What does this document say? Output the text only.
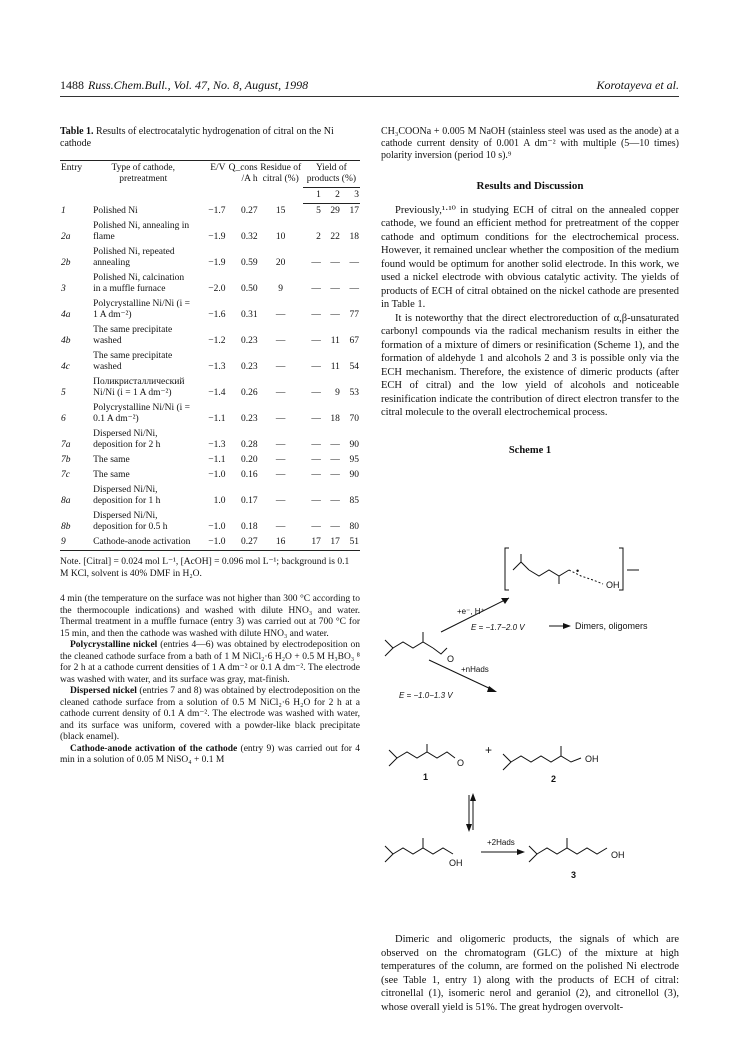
1488 Russ.Chem.Bull., Vol. 47, No. 8, August, 1998	Korotayeva et al.
Table 1. Results of electrocatalytic hydrogenation of citral on the Ni cathode
Entry	Type of cathode, pretreatment	E/V	Q_cons /A h	Residue of citral (%)	Yield of products (%)		
					1	2	3
1	Polished Ni	−1.7	0.27	15	5	29	17
2a	Polished Ni, annealing in flame	−1.9	0.32	10	2	22	18
2b	Polished Ni, repeated annealing	−1.9	0.59	20	—	—	—
3	Polished Ni, calcination in a muffle furnace	−2.0	0.50	9	—	—	—
4a	Polycrystalline Ni/Ni (i = 1 A dm⁻²)	−1.6	0.31	—	—	—	77
4b	The same precipitate washed	−1.2	0.23	—	—	11	67
4c	The same precipitate washed	−1.3	0.23	—	—	11	54
5	Поликристаллический Ni/Ni (i = 1 A dm⁻²)	−1.4	0.26	—	—	9	53
6	Polycrystalline Ni/Ni (i = 0.1 A dm⁻²)	−1.1	0.23	—	—	18	70
7a	Dispersed Ni/Ni, deposition for 2 h	−1.3	0.28	—	—	—	90
7b	The same	−1.1	0.20	—	—	—	95
7c	The same	−1.0	0.16	—	—	—	90
8a	Dispersed Ni/Ni, deposition for 1 h	1.0	0.17	—	—	—	85
8b	Dispersed Ni/Ni, deposition for 0.5 h	−1.0	0.18	—	—	—	80
9	Cathode-anode activation	−1.0	0.27	16	17	17	51
Note. [Citral] = 0.024 mol L⁻¹, [AcOH] = 0.096 mol L⁻¹; background is 0.1 M KCl, solvent is 40% DMF in H₂O.

4 min (the temperature on the surface was not higher than 300 °C according to the thermocouple indications) and washed with dilute HNO₃ and water. Thermal treatment in a muffle furnace (entry 3) was carried out at 700 °C for 15 min, and then the cathode was washed with dilute HNO₃ and water.

Polycrystalline nickel (entries 4—6) was obtained by electrodeposition on the cleaned cathode surface from a bath of 1 M NiCl₂·6 H₂O + 0.5 M H₃BO₃ ⁸ for 2 h at a cathode current densities of 1 A dm⁻² or 0.1 A dm⁻². The electrode was washed with water, and its surface was gray, mat-finish.

Dispersed nickel (entries 7 and 8) was obtained by electrodeposition on the cleaned cathode surface from a solution of 0.5 M NiCl₂·6 H₂O for 2 h at a cathode current density of 0.1 A dm⁻². The electrode was washed with water, and its surface was uniform, covered with a powder-like black precipitate (black enamel).

Cathode-anode activation of the cathode (entry 9) was carried out for 4 min in a solution of 0.05 M NiSO₄ + 0.1 M

CH₃COONa + 0.005 M NaOH (stainless steel was used as the anode) at a cathode current density of 0.001 A dm⁻² with multiple (5—10 times) polarity inversion (period 10 s).⁹

Results and Discussion

Previously,¹·¹⁰ in studying ECH of citral on the annealed copper cathode, we found an efficient method for pretreatment of the copper cathode and optimum conditions for the electrochemical process. However, it remained unclear whether the composition of the medium found would be optimum for another solid electrode. In this work, we used a nickel electrode with obvious catalytic activity. The yields of products of ECH of citral obtained on the nickel cathode are presented in Table 1.

It is noteworthy that the direct electroreduction of α,β-unsaturated carbonyl compounds via the radical mechanism results in either the formation of a mixture of dimers or resinification (Scheme 1), and the formation of aldehyde 1 and alcohols 2 and 3 is possible only via the ECH mechanism. Therefore, the existence of dimeric products (after ECH of citral) and the low yield of alcohols and noticeable resinification indicate the contribution of direct electron transfer to the citral molecule to the overall electrochemical process.

Scheme 1
OH
•
+e⁻, H⁺
E = −1.7−2.0 V	Dimers, oligomers
O
+nHads
E = −1.0−1.3 V
O
1
+
OH
2
OH
+2Hads
OH
3

Dimeric and oligomeric products, the signals of which are observed on the chromatogram (GLC) of the mixture at high temperatures of the column, are formed on the polished Ni electrode (see Table 1, entry 1) along with the products of ECH of citral: citronellal (1), isomeric nerol and geraniol (2), and citronellol (3), whose overall yield is 51%. The great hydrogen overvolt-
